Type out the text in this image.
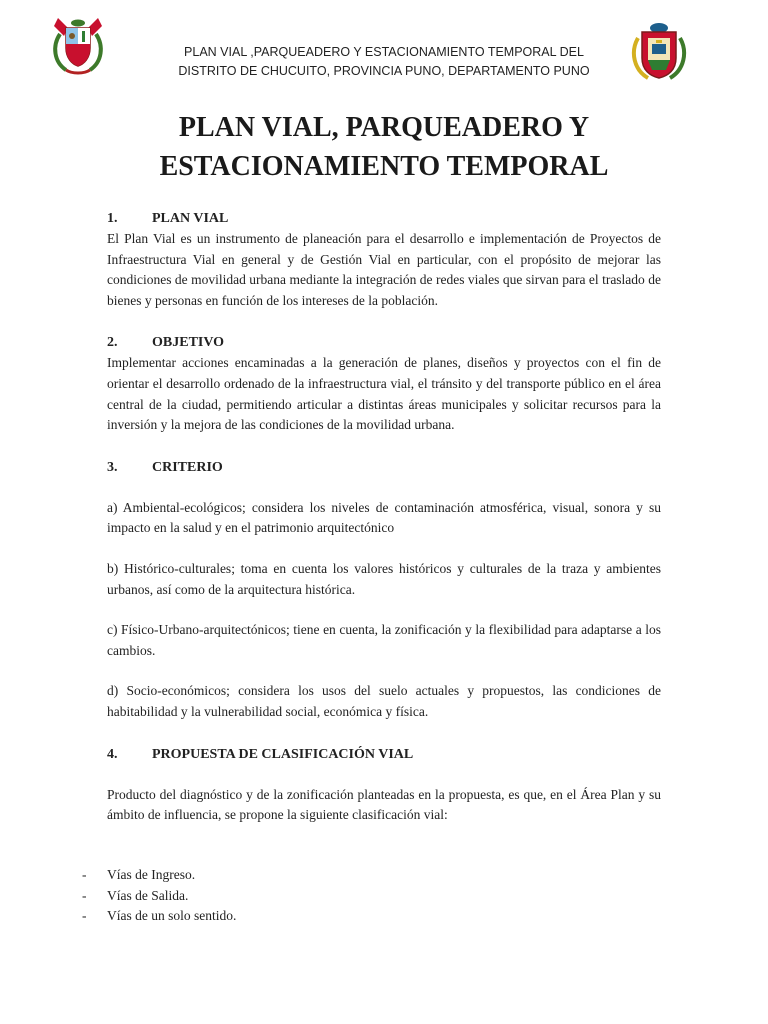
PLAN VIAL ,PARQUEADERO Y ESTACIONAMIENTO TEMPORAL DEL
DISTRITO DE CHUCUITO, PROVINCIA PUNO, DEPARTAMENTO PUNO
PLAN VIAL, PARQUEADERO Y
ESTACIONAMIENTO TEMPORAL
1.	PLAN VIAL

El Plan Vial es un instrumento de planeación para el desarrollo e implementación de Proyectos de Infraestructura Vial en general y de Gestión Vial en particular, con el propósito de mejorar las condiciones de movilidad urbana mediante la integración de redes viales que sirvan para el traslado de bienes y personas en función de los intereses de la población.

2.	OBJETIVO

Implementar acciones encaminadas a la generación de planes, diseños y proyectos con el fin de orientar el desarrollo ordenado de la infraestructura vial, el tránsito y del transporte público en el área central de la ciudad, permitiendo articular a distintas áreas municipales y solicitar recursos para la inversión y la mejora de las condiciones de la movilidad urbana.

3.	CRITERIO

a) Ambiental-ecológicos; considera los niveles de contaminación atmosférica, visual, sonora y su impacto en la salud y en el patrimonio arquitectónico

b) Histórico-culturales; toma en cuenta los valores históricos y culturales de la traza y ambientes urbanos, así como de la arquitectura histórica.

c) Físico-Urbano-arquitectónicos; tiene en cuenta, la zonificación y la flexibilidad para adaptarse a los cambios.

d) Socio-económicos; considera los usos del suelo actuales y propuestos, las condiciones de habitabilidad y la vulnerabilidad social, económica y física.

4.	PROPUESTA DE CLASIFICACIÓN VIAL

Producto del diagnóstico y de la zonificación planteadas en la propuesta, es que, en el Área Plan y su ámbito de influencia, se propone la siguiente clasificación vial:

-	Vías de Ingreso.
-	Vías de Salida.
-	Vías de un solo sentido.
